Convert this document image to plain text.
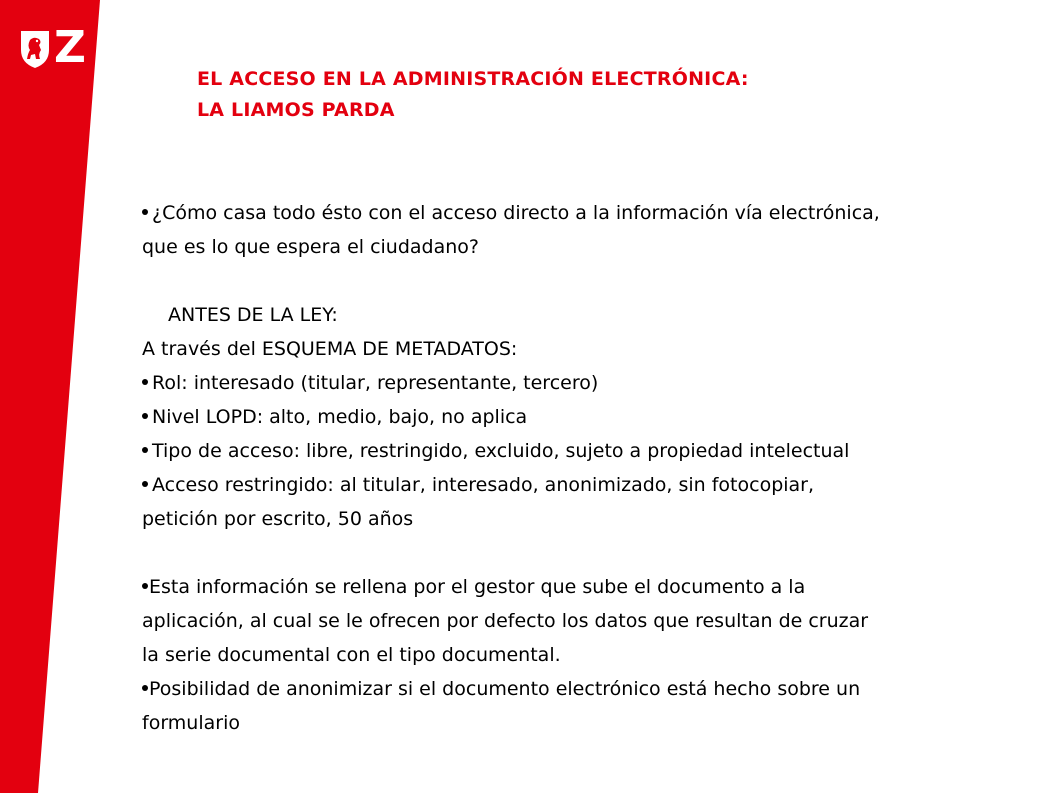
Z
EL ACCESO EN LA ADMINISTRACIÓN ELECTRÓNICA:
LA LIAMOS PARDA
¿Cómo casa todo ésto con el acceso directo a la información vía electrónica,
que es lo que espera el ciudadano?
ANTES DE LA LEY:
A través del ESQUEMA DE METADATOS:
Rol: interesado (titular, representante, tercero)
Nivel LOPD: alto, medio, bajo, no aplica
Tipo de acceso: libre, restringido, excluido, sujeto a propiedad intelectual
Acceso restringido: al titular, interesado, anonimizado, sin fotocopiar,
petición por escrito, 50 años
Esta información se rellena por el gestor que sube el documento a la
aplicación, al cual se le ofrecen por defecto los datos que resultan de cruzar
la serie documental con el tipo documental.
Posibilidad de anonimizar si el documento electrónico está hecho sobre un
formulario
